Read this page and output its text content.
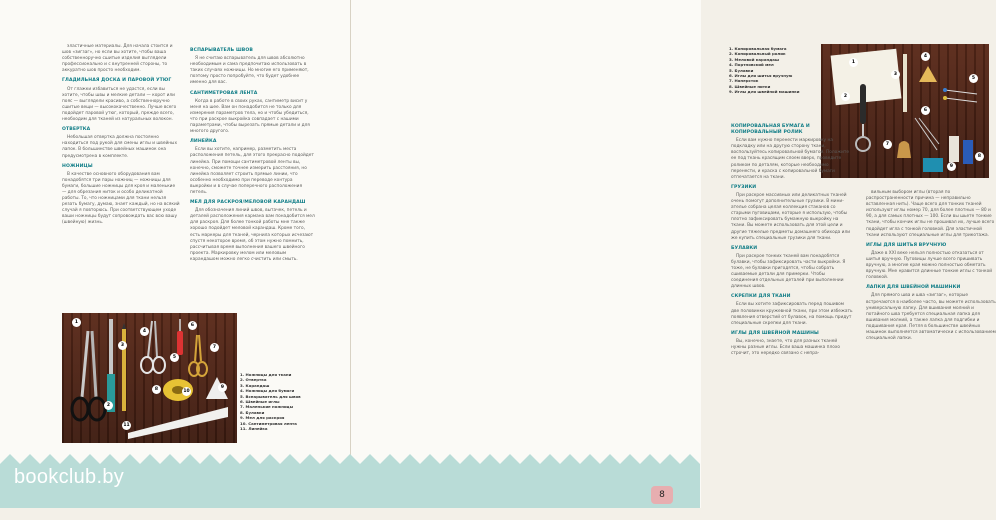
эластичные материалы. Для начала стоится и шов «зигзаг», но если вы хотите, чтобы ваша собственноручно сшитые изделия выглядели профессионально и с внутренней стороны, то аккуратно шов просто необходим.

ГЛАДИЛЬНАЯ ДОСКА И ПАРОВОЙ УТЮГ

От глажки избавиться не удастся, если вы хотите, чтобы швы и мелкие детали — корот или пояс — выглядели красиво, а собственноручно сшитые вещи — высококачественно. Лучше всего подойдет паровой утюг, который, прежде всего, необходим для тканей из натуральных волокон.

ОТВЕРТКА

Небольшая отвертка должна постоянно находиться под рукой для смены иглы и швейных лапок. В большинстве швейных машинок она предусмотрена в комплекте.

НОЖНИЦЫ

В качестве основного оборудования вам понадобятся три пары ножниц — ножницы для бумаги, большие ножницы для кроя и маленькие — для обрезания ниток и особо деликатной работы. То, что ножницами для ткани нельзя резать бумагу, думаю, знает каждый, но на всякий случай я повторюсь. При соответствующем уходе ваши ножницы будут сопровождать вас всю вашу (швейную) жизнь.

ВСПАРЫВАТЕЛЬ ШВОВ

Я не считаю вспарыватель для швов абсолютно необходимым и сама предпочитаю использовать в таких случаях ножницы. Но многие его применяют, поэтому просто попробуйте, что будет удобнее именно для вас.

САНТИМЕТРОВАЯ ЛЕНТА

Когда в работе в своих руках, сантиметр висит у меня на шее. Вам он понадобится не только для измерения параметров тела, но и чтобы убедиться, что при раскрое выкройка совпадает с нашими параметрами, чтобы вырезать прямые детали и для многого другого.

ЛИНЕЙКА

Если вы хотите, например, разметить места расположения петель, для этого прекрасно подойдет линейка. При помощи сантиметровой ленты вы, конечно, сможете точнее измерить расстояния, но линейка позволяет строить прямые линии, что особенно необходимо при переводе контура выкройки и в случае поперечного расположения петель.

МЕЛ ДЛЯ РАСКРОЯ/МЕЛОВОЙ КАРАНДАШ

Для обозначения линий швов, вытачек, петель и деталей расположения кармана вам понадобится мел для раскроя. Для более тонкой работы мне также хорошо подойдет меловой карандаш. Кроме того, есть маркеры для тканей, чернила которых исчезают спустя некоторое время, об этом нужно помнить, рассчитывая время выполнения вашего швейного проекта. Маркировку мелом или меловым карандашом можно легко счистить или смыть.

1
2
3
4
5
6
7
8	9
10
11
1. Ножницы для ткани
2. Отвертка
3. Карандаш
4. Ножницы для бумаги
5. Вспарыватель для швов
6. Швейные иглы
7. Маленькие ножницы
8. Булавки
9. Мел для раскроя
10. Сантиметровая лента
11. Линейка
1. Копировальная бумага
2. Копировальный ролик
3. Меловой карандаш
4. Портновский мел
5. Булавки
6. Иглы для шитья вручную
7. Наперсток
8. Швейные нитки
9. Иглы для швейной машинки
1
2
3
4
5
6
7
8
9
КОПИРОВАЛЬНАЯ БУМАГА И КОПИРОВАЛЬНЫЙ РОЛИК

Если вам нужно перенести маркировку на подкладку или на другую сторону ткани, воспользуйтесь копировальной бумагой. Положите ее под ткань красящим слоем вверх, проведите роликом по деталям, которые необходимо перенести, и краска с копировальной бумаги отпечатается на ткани.

ГРУЗИКИ

При раскрое массивных или деликатных тканей очень помогут дополнительные грузики. В мини-ателье собрана целая коллекция стаканов со старыми пуговицами, которые я использую, чтобы плотно зафиксировать бумажную выкройку на ткани. Вы можете использовать для этой цели и другие тяжелые предметы домашнего обихода или же купить специальные грузики для ткани.

БУЛАВКИ

При раскрое тонких тканей вам понадобятся булавки, чтобы зафиксировать части выкройки. Я тоже, не булавки пригодятся, чтобы собрать сшиваемые детали для примерки. Чтобы соединения отдельных деталей при выполнении длинных швов.

СКРЕПКИ ДЛЯ ТКАНИ

Если вы хотите зафиксировать перед пошивом две половинки кружевной ткани, при этом избежать появления отверстий от булавок, на помощь придут специальные скрепки для ткани.

ИГЛЫ ДЛЯ ШВЕЙНОЙ МАШИНЫ

Вы, конечно, знаете, что для разных тканей нужны разные иглы. Если ваша машинка плохо строчит, это нередко связано с непра-

вильным выбором иглы (вторая по распространенности причина — неправильно вставленная нить). Чаще всего для тонких тканей используют иглы номер 70, для более плотных — 80 и 90, а для самых плотных — 100. Если вы шьете тонкие ткани, чтобы кончик иглы не прошивал их, лучше всего подойдет игла с тонкой головкой. Для эластичной ткани используют специальные иглы для трикотажа.

ИГЛЫ ДЛЯ ШИТЬЯ ВРУЧНУЮ

Даже в XXI веке нельзя полностью отказаться от шитья вручную. Пуговицы лучше всего пришивать вручную, а многие края можно полностью обметать вручную. Мне нравится длинные тонкие иглы с тонкой головкой.

ЛАПКИ ДЛЯ ШВЕЙНОЙ МАШИНКИ

Для прямого шва и шва «зигзаг», которые встречаются в наиболее часто, вы можете использовать универсальную лапку. Для вшивания молний и потайного шва требуется специальная лапка для вшивания молний, а также лапка для подгибки и подшивания края. Петля в большинстве швейных машинок выполняется автоматически с использованием специальной лапки.

bookclub.by
8
